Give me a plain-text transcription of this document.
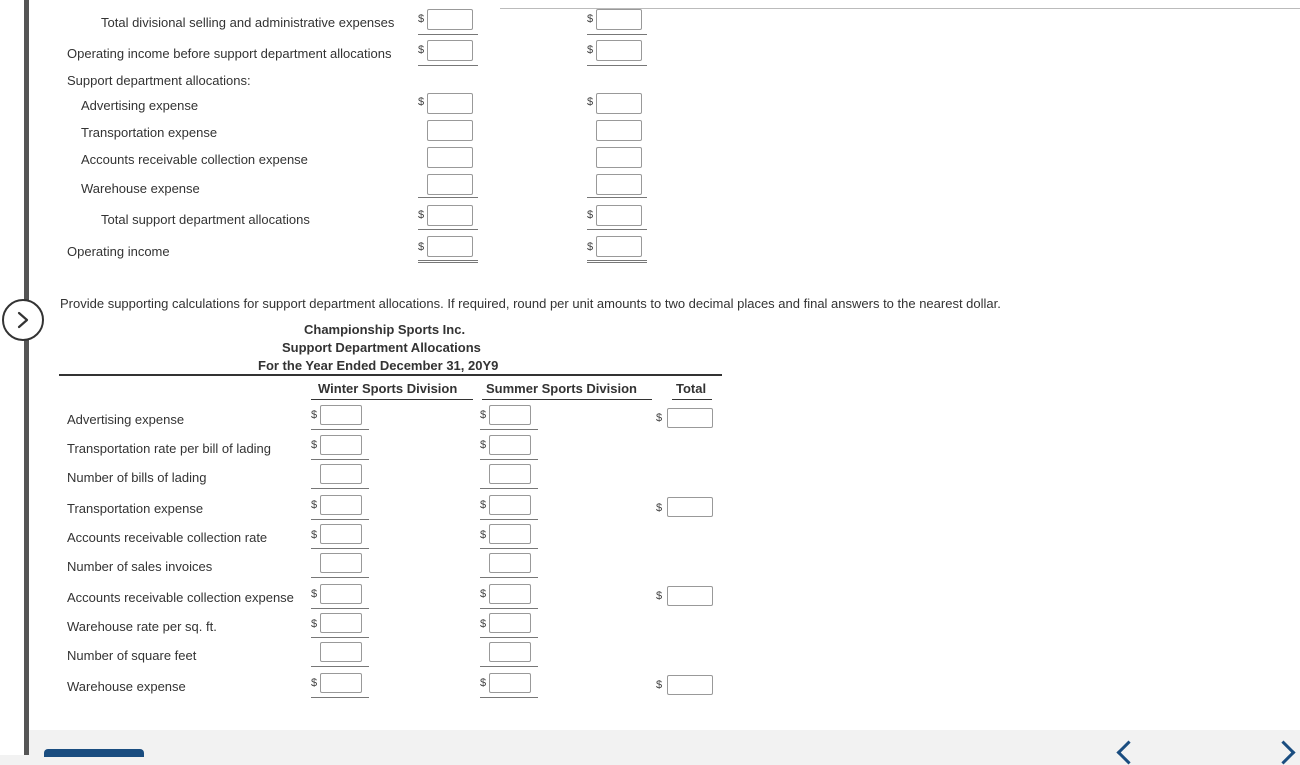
Total divisional selling and administrative expenses $	$
Operating income before support department allocations $	$
Support department allocations:
Advertising expense	$	$
Transportation expense
Accounts receivable collection expense
Warehouse expense
Total support department allocations	$	$
Operating income	$	$
Provide supporting calculations for support department allocations. If required, round per unit amounts to two decimal places and final answers to the nearest dollar.
Championship Sports Inc.
Support Department Allocations
For the Year Ended December 31, 20Y9
Winter Sports Division Summer Sports Division	Total
Advertising expense	$	$	$
Transportation rate per bill of lading	$	$
Number of bills of lading
Transportation expense	$	$	$
Accounts receivable collection rate	$	$
Number of sales invoices
Accounts receivable collection expense $	$	$
Warehouse rate per sq. ft.	$	$
Number of square feet
Warehouse expense	$	$	$
